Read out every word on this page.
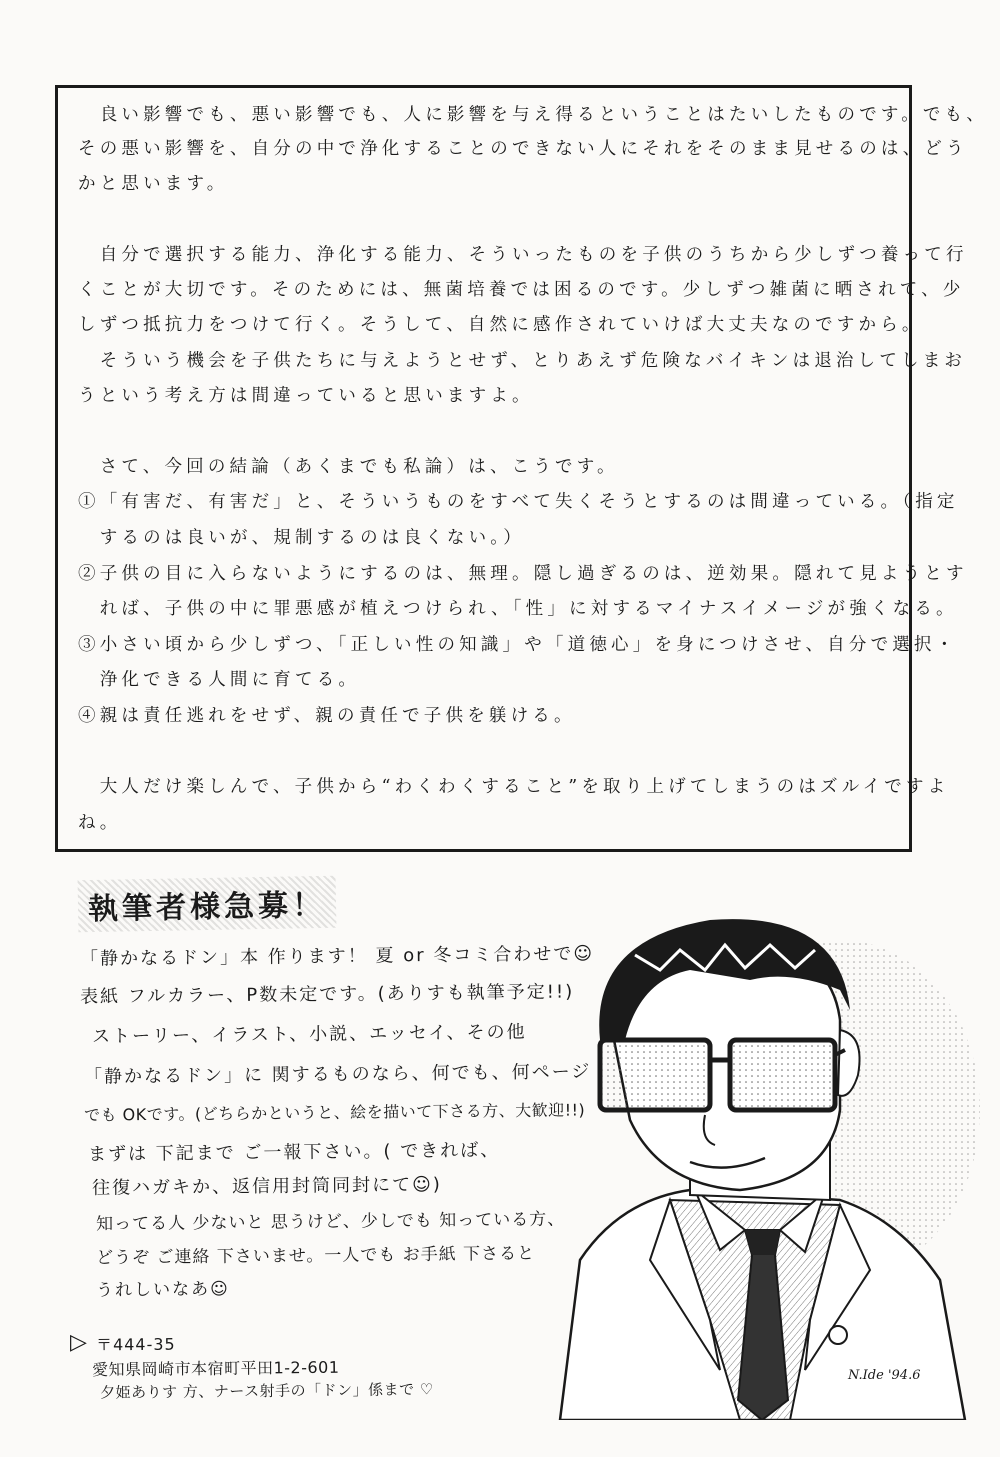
　良い影響でも、悪い影響でも、人に影響を与え得るということはたいしたものです。でも、
その悪い影響を、自分の中で浄化することのできない人にそれをそのまま見せるのは、どう
かと思います。
　自分で選択する能力、浄化する能力、そういったものを子供のうちから少しずつ養って行
くことが大切です。そのためには、無菌培養では困るのです。少しずつ雑菌に晒されて、少
しずつ抵抗力をつけて行く。そうして、自然に感作されていけば大丈夫なのですから。
　そういう機会を子供たちに与えようとせず、とりあえず危険なバイキンは退治してしまお
うという考え方は間違っていると思いますよ。
　さて、今回の結論（あくまでも私論）は、こうです。
①「有害だ、有害だ」と、そういうものをすべて失くそうとするのは間違っている。（指定
　するのは良いが、規制するのは良くない。）
②子供の目に入らないようにするのは、無理。隠し過ぎるのは、逆効果。隠れて見ようとす
　れば、子供の中に罪悪感が植えつけられ、「性」に対するマイナスイメージが強くなる。
③小さい頃から少しずつ、「正しい性の知識」や「道徳心」を身につけさせ、自分で選択・
　浄化できる人間に育てる。
④親は責任逃れをせず、親の責任で子供を躾ける。
　大人だけ楽しんで、子供から“わくわくすること”を取り上げてしまうのはズルイですよ
ね。
執筆者様急募！
「静かなるドン」本 作ります！ 夏 or 冬コミ合わせで☺
表紙 フルカラー、P数未定です。(ありすも執筆予定!!)
ストーリー、イラスト、小説、エッセイ、その他
「静かなるドン」に 関するものなら、何でも、何ページ
でも OKです。(どちらかというと、絵を描いて下さる方、大歓迎!!)
まずは 下記まで ご一報下さい。( できれば、
往復ハガキか、返信用封筒同封にて☺)
知ってる人 少ないと 思うけど、少しでも 知っている方、
どうぞ ご連絡 下さいませ。一人でも お手紙 下さると
うれしいなあ☺
▷ 〒444-35
愛知県岡崎市本宿町平田1-2-601
夕姫ありす 方、ナース射手の「ドン」係まで ♡
N.Ide '94.6
